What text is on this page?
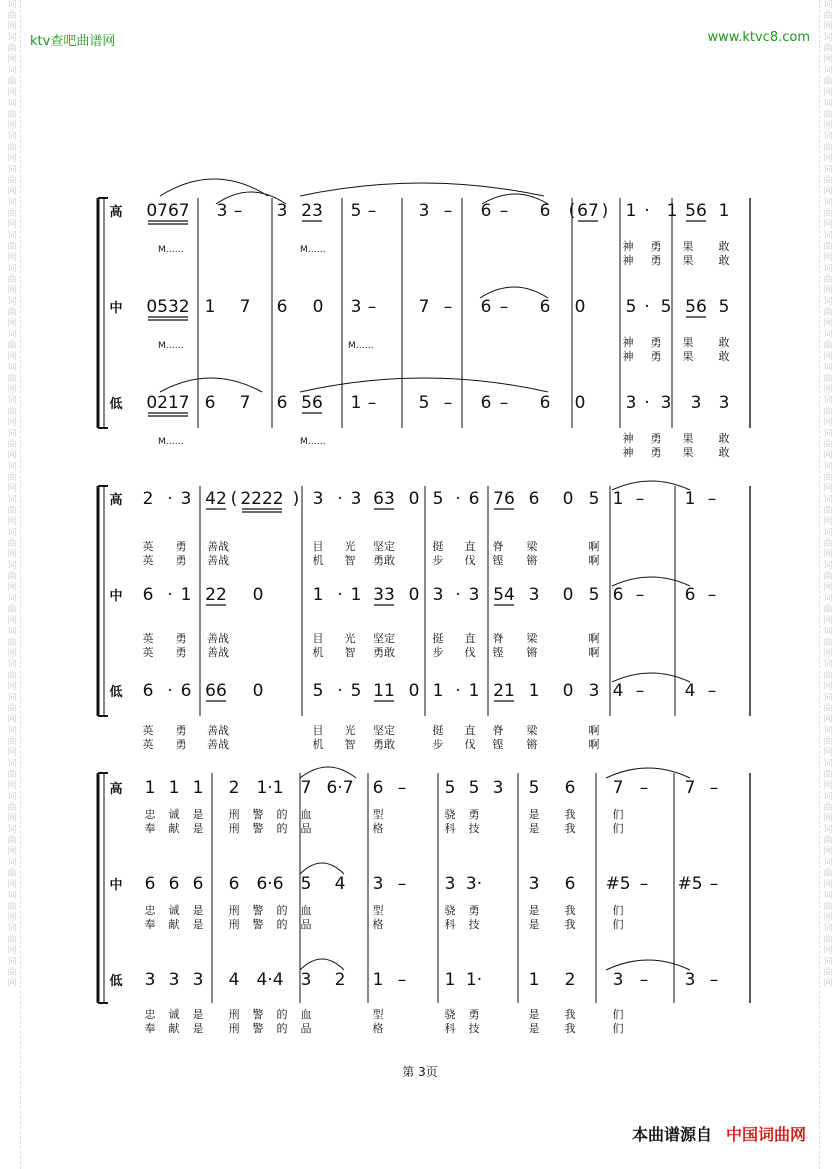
词曲网词曲网词曲网词曲网词曲网词曲网词曲网词曲网词曲网词曲网词曲网词曲网词曲网词曲网词曲网词曲网词曲网词曲网词曲网词曲网词曲网词曲网词曲网词曲网词曲网词曲网词曲网词曲网词曲网词曲网
词曲网词曲网词曲网词曲网词曲网词曲网词曲网词曲网词曲网词曲网词曲网词曲网词曲网词曲网词曲网词曲网词曲网词曲网词曲网词曲网词曲网词曲网词曲网词曲网词曲网词曲网词曲网词曲网词曲网词曲网
ktv查吧曲谱网	www.ktvc8.com
高 0767 3 – 3 23 5 – 3 – 6 – 6 ( 67 ) 1 · 1 56 1
神 勇 果 敢
神 勇 果 敢
M……	M……
中 0532 1 7 6 0 3 – 7 – 6 – 6 0 5 · 5 56 5
神 勇 果 敢
神 勇 果 敢
M……	M……
低 0217 6 7 6 56 1 – 5 – 6 – 6 0 3 · 3 3 3
神 勇 果 敢
神 勇 果 敢
M……	M……
高 2 · 3 42 ( 2222 ) 3 · 3 63 0 5 · 6 76 6 0 5 1 – 1 –
英 勇 善战	目 光 坚定	挺 直 脊 梁	啊
英 勇 善战	机 智 勇敢	步 伐 铿 锵	啊
中 6 · 1 22 0	1 · 1 33 0 3 · 3 54 3 0 5 6 – 6 –
英 勇 善战	目 光 坚定	挺 直 脊 梁	啊
英 勇 善战	机 智 勇敢	步 伐 铿 锵	啊
低 6 · 6 66 0	5 · 5 11 0 1 · 1 21 1 0 3 4 – 4 –
英 勇 善战	目 光 坚定	挺 直 脊 梁	啊
英 勇 善战	机 智 勇敢	步 伐 铿 锵	啊
高 1 1 1 2 1·1 7 6·7 6 – 5 5 3 5 6 7 – 7 –
忠 诚 是 刑 警 的 血	型	骁 勇	是 我	们
奉 献 是 刑 警 的 品	格	科 技	是 我	们
中 6 6 6 6 6·6 5 4 3 – 3 3·	3 6 #5 – #5 –
忠 诚 是 刑 警 的 血	型	骁 勇	是 我	们
奉 献 是 刑 警 的 品	格	科 技	是 我	们
低 3 3 3 4 4·4 3 2 1 – 1 1·	1 2 3 – 3 –
忠 诚 是 刑 警 的 血	型	骁 勇	是 我	们
奉 献 是 刑 警 的 品	格	科 技	是 我	们
第 3页
本曲谱源自 中国词曲网
